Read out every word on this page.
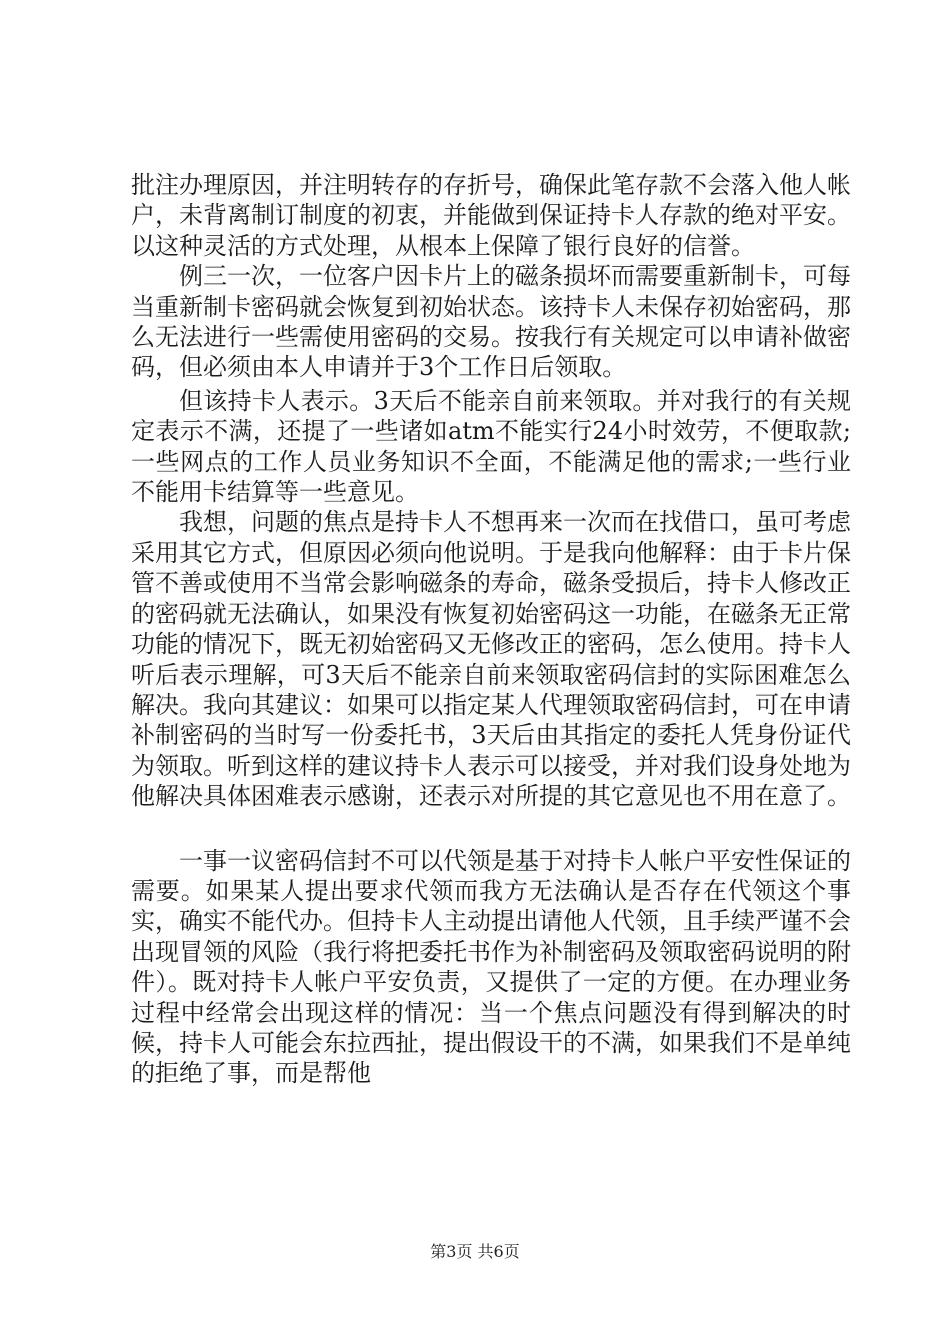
批注办理原因，并注明转存的存折号，确保此笔存款不会落入他人帐户，未背离制订制度的初衷，并能做到保证持卡人存款的绝对平安。以这种灵活的方式处理，从根本上保障了银行良好的信誉。

例三一次，一位客户因卡片上的磁条损坏而需要重新制卡，可每当重新制卡密码就会恢复到初始状态。该持卡人未保存初始密码，那么无法进行一些需使用密码的交易。按我行有关规定可以申请补做密码，但必须由本人申请并于3个工作日后领取。

但该持卡人表示。3天后不能亲自前来领取。并对我行的有关规定表示不满，还提了一些诸如atm不能实行24小时效劳，不便取款;一些网点的工作人员业务知识不全面，不能满足他的需求;一些行业不能用卡结算等一些意见。

我想，问题的焦点是持卡人不想再来一次而在找借口，虽可考虑采用其它方式，但原因必须向他说明。于是我向他解释：由于卡片保管不善或使用不当常会影响磁条的寿命，磁条受损后，持卡人修改正的密码就无法确认，如果没有恢复初始密码这一功能，在磁条无正常功能的情况下，既无初始密码又无修改正的密码，怎么使用。持卡人听后表示理解，可3天后不能亲自前来领取密码信封的实际困难怎么解决。我向其建议：如果可以指定某人代理领取密码信封，可在申请补制密码的当时写一份委托书，3天后由其指定的委托人凭身份证代为领取。听到这样的建议持卡人表示可以接受，并对我们设身处地为他解决具体困难表示感谢，还表示对所提的其它意见也不用在意了。

一事一议密码信封不可以代领是基于对持卡人帐户平安性保证的需要。如果某人提出要求代领而我方无法确认是否存在代领这个事实，确实不能代办。但持卡人主动提出请他人代领，且手续严谨不会出现冒领的风险（我行将把委托书作为补制密码及领取密码说明的附件）。既对持卡人帐户平安负责，又提供了一定的方便。在办理业务过程中经常会出现这样的情况：当一个焦点问题没有得到解决的时候，持卡人可能会东拉西扯，提出假设干的不满，如果我们不是单纯的拒绝了事，而是帮他

第3页 共6页
